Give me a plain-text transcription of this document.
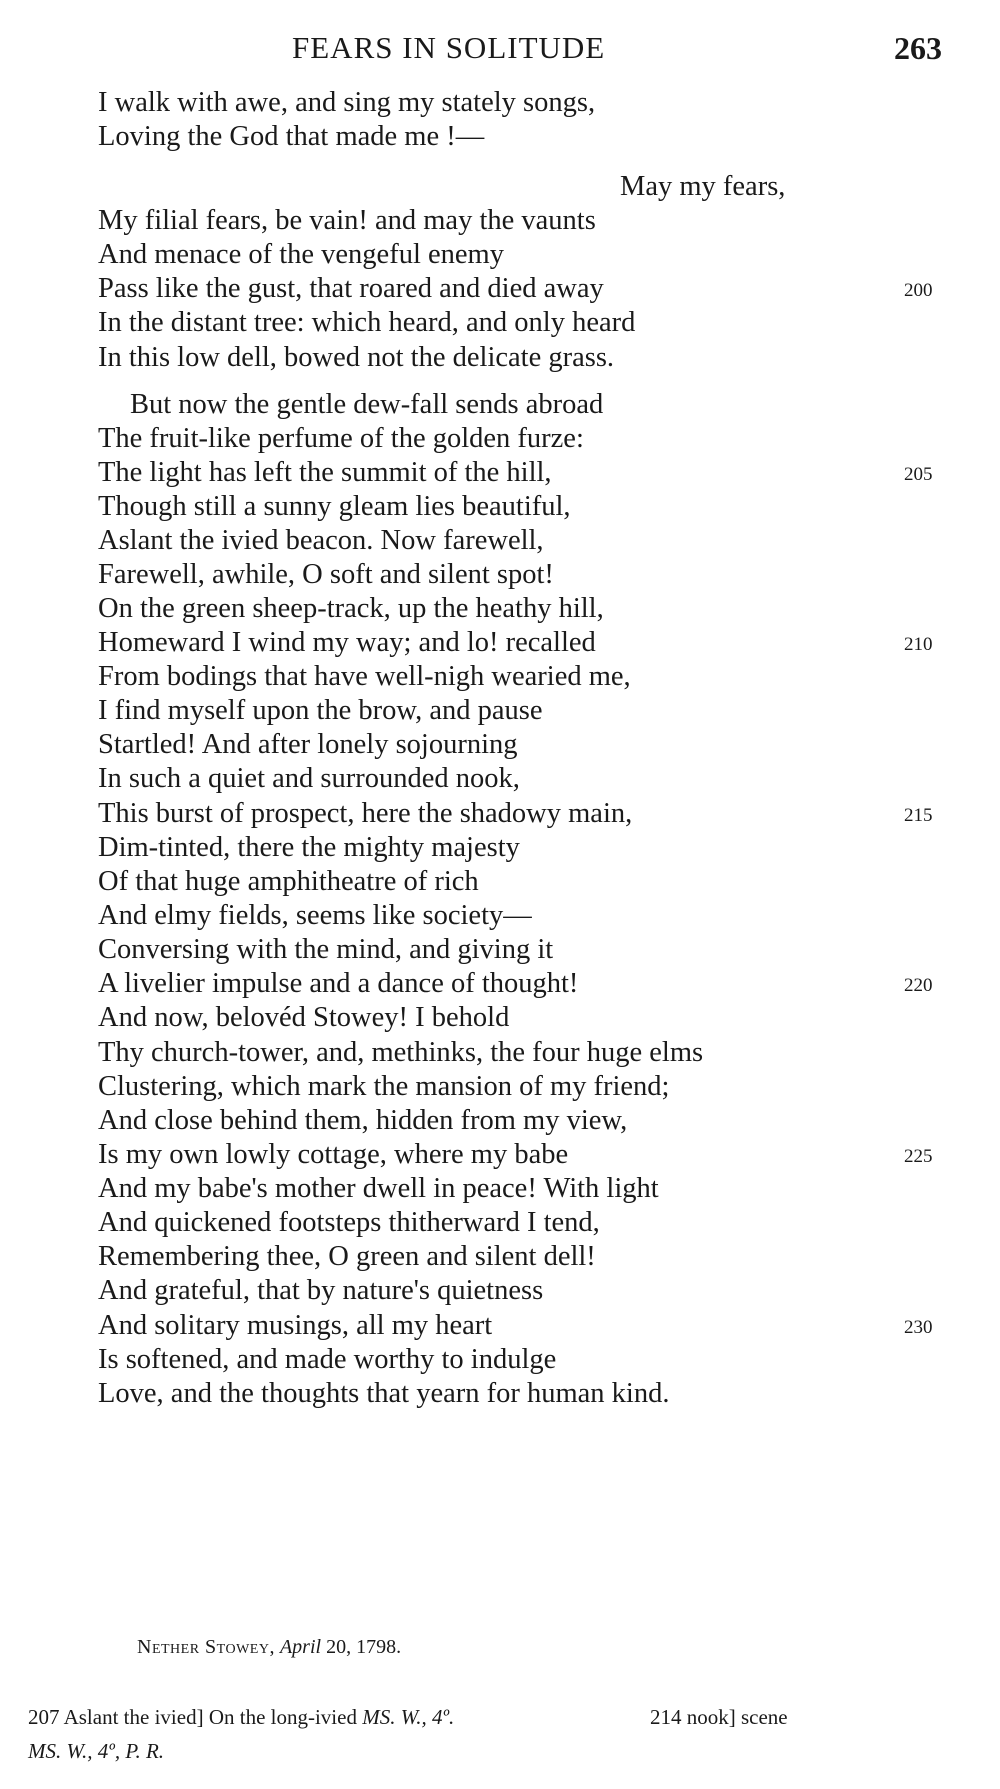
FEARS IN SOLITUDE	263
I walk with awe, and sing my stately songs,
Loving the God that made me !—
May my fears,
My filial fears, be vain! and may the vaunts
And menace of the vengeful enemy
Pass like the gust, that roared and died away
In the distant tree: which heard, and only heard
In this low dell, bowed not the delicate grass.
But now the gentle dew-fall sends abroad
The fruit-like perfume of the golden furze:
The light has left the summit of the hill,
Though still a sunny gleam lies beautiful,
Aslant the ivied beacon. Now farewell,
Farewell, awhile, O soft and silent spot!
On the green sheep-track, up the heathy hill,
Homeward I wind my way; and lo! recalled
From bodings that have well-nigh wearied me,
I find myself upon the brow, and pause
Startled! And after lonely sojourning
In such a quiet and surrounded nook,
This burst of prospect, here the shadowy main,
Dim-tinted, there the mighty majesty
Of that huge amphitheatre of rich
And elmy fields, seems like society—
Conversing with the mind, and giving it
A livelier impulse and a dance of thought!
And now, belovéd Stowey! I behold
Thy church-tower, and, methinks, the four huge elms
Clustering, which mark the mansion of my friend;
And close behind them, hidden from my view,
Is my own lowly cottage, where my babe
And my babe's mother dwell in peace! With light
And quickened footsteps thitherward I tend,
Remembering thee, O green and silent dell!
And grateful, that by nature's quietness
And solitary musings, all my heart
Is softened, and made worthy to indulge
Love, and the thoughts that yearn for human kind.
200
205
210
215
220
225
230
Nether Stowey, April 20, 1798.
207 Aslant the ivied] On the long-ivied MS. W., 4º.	214 nook] scene
MS. W., 4º, P. R.
